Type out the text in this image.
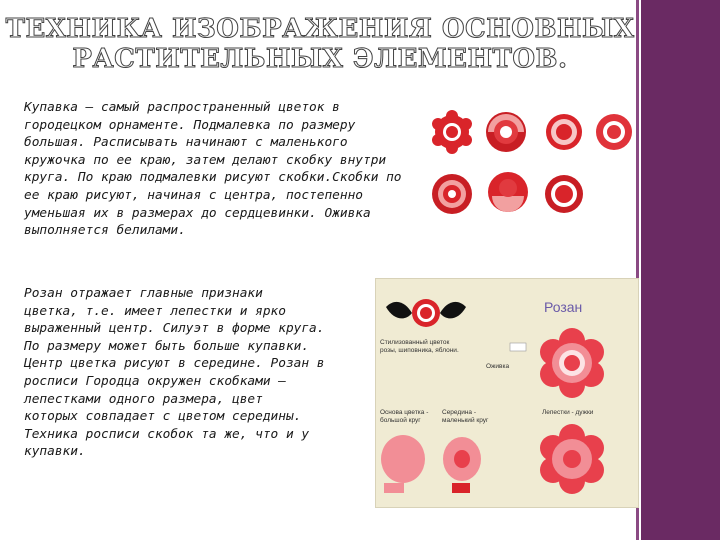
ТЕХНИКА ИЗОБРАЖЕНИЯ ОСНОВНЫХ
РАСТИТЕЛЬНЫХ ЭЛЕМЕНТОВ.
Купавка — самый распространенный цветок в
городецком орнаменте. Подмалевка по размеру
большая. Расписывать начинают с маленького
кружочка по ее краю, затем делают скобку внутри
круга. По краю подмалевки рисуют скобки.Скобки по
ее краю рисуют, начиная с центра, постепенно
уменьшая их в размерах до сердцевинки. Оживка
выполняется белилами.
Розан отражает главные признаки
цветка, т.е. имеет лепестки и ярко
выраженный центр. Силуэт в форме круга.
По размеру может быть больше купавки.
Центр цветка рисуют в середине. Розан в
росписи Городца окружен скобками —
лепестками одного размера, цвет
которых совпадает с цветом середины.
Техника росписи скобок та же, что и у
купавки.
Розан
Стилизованный цветок
розы, шиповника, яблони.
Оживка
Основа цветка -
большой круг
Середина -
маленький круг
Лепестки - дужки
